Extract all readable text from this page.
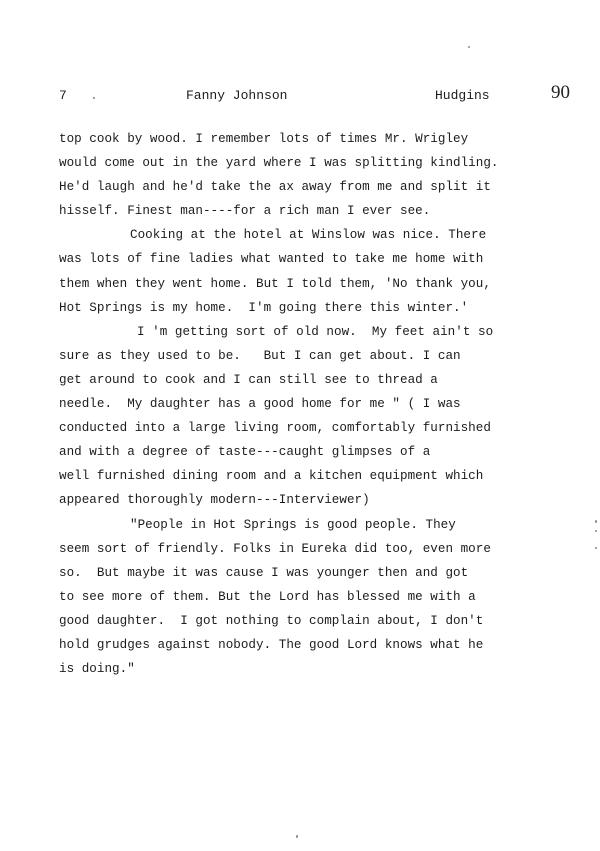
7 .	Fanny Johnson	Hudgins	90
top cook by wood. I remember lots of times Mr. Wrigley
would come out in the yard where I was splitting kindling.
He'd laugh and he'd take the ax away from me and split it
hisself. Finest man----for a rich man I ever see.
Cooking at the hotel at Winslow was nice. There
was lots of fine ladies what wanted to take me home with
them when they went home. But I told them, 'No thank you,
Hot Springs is my home.  I'm going there this winter.'
I 'm getting sort of old now.  My feet ain't so
sure as they used to be.   But I can get about. I can
get around to cook and I can still see to thread a
needle.  My daughter has a good home for me " ( I was
conducted into a large living room, comfortably furnished
and with a degree of taste---caught glimpses of a
well furnished dining room and a kitchen equipment which
appeared thoroughly modern---Interviewer)
"People in Hot Springs is good people. They
seem sort of friendly. Folks in Eureka did too, even more
so.  But maybe it was cause I was younger then and got
to see more of them. But the Lord has blessed me with a
good daughter.  I got nothing to complain about, I don't
hold grudges against nobody. The good Lord knows what he
is doing."
